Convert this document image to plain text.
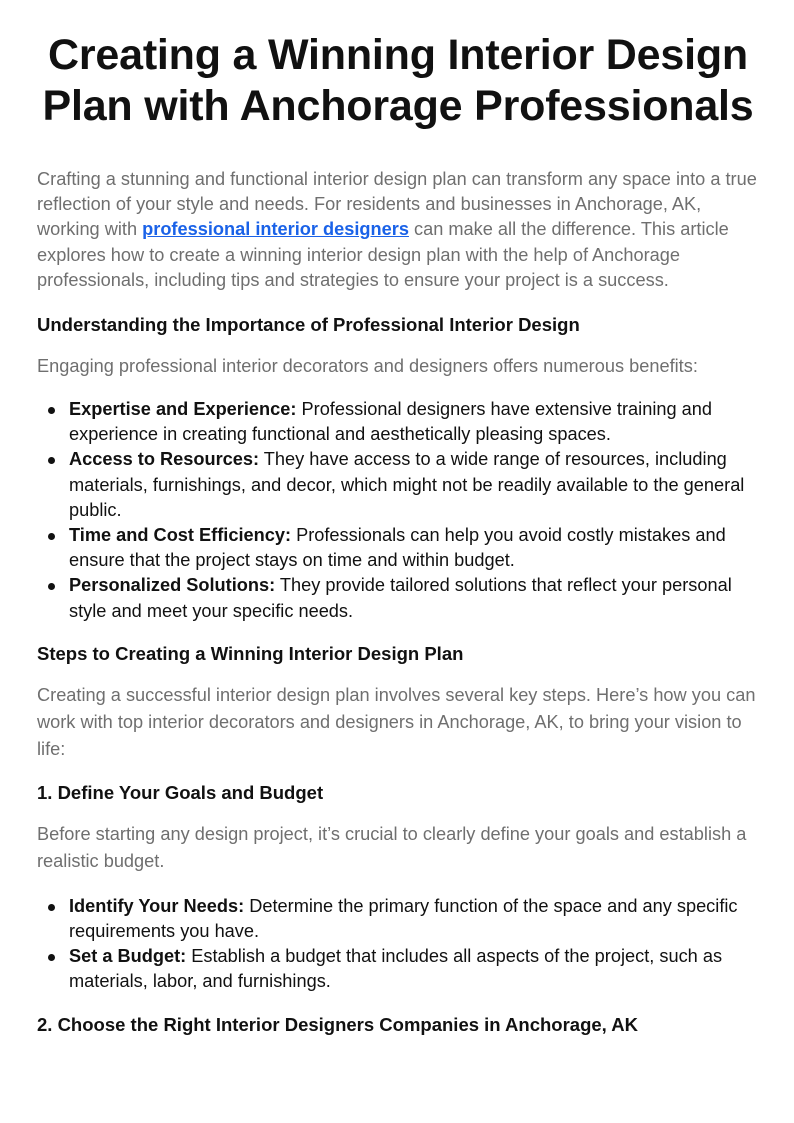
Creating a Winning Interior Design Plan with Anchorage Professionals

Crafting a stunning and functional interior design plan can transform any space into a true reflection of your style and needs. For residents and businesses in Anchorage, AK, working with professional interior designers can make all the difference. This article explores how to create a winning interior design plan with the help of Anchorage professionals, including tips and strategies to ensure your project is a success.

Understanding the Importance of Professional Interior Design

Engaging professional interior decorators and designers offers numerous benefits:

Expertise and Experience: Professional designers have extensive training and experience in creating functional and aesthetically pleasing spaces.
Access to Resources: They have access to a wide range of resources, including materials, furnishings, and decor, which might not be readily available to the general public.
Time and Cost Efficiency: Professionals can help you avoid costly mistakes and ensure that the project stays on time and within budget.
Personalized Solutions: They provide tailored solutions that reflect your personal style and meet your specific needs.
Steps to Creating a Winning Interior Design Plan

Creating a successful interior design plan involves several key steps. Here’s how you can work with top interior decorators and designers in Anchorage, AK, to bring your vision to life:

1. Define Your Goals and Budget

Before starting any design project, it’s crucial to clearly define your goals and establish a realistic budget.

Identify Your Needs: Determine the primary function of the space and any specific requirements you have.
Set a Budget: Establish a budget that includes all aspects of the project, such as materials, labor, and furnishings.
2. Choose the Right Interior Designers Companies in Anchorage, AK
